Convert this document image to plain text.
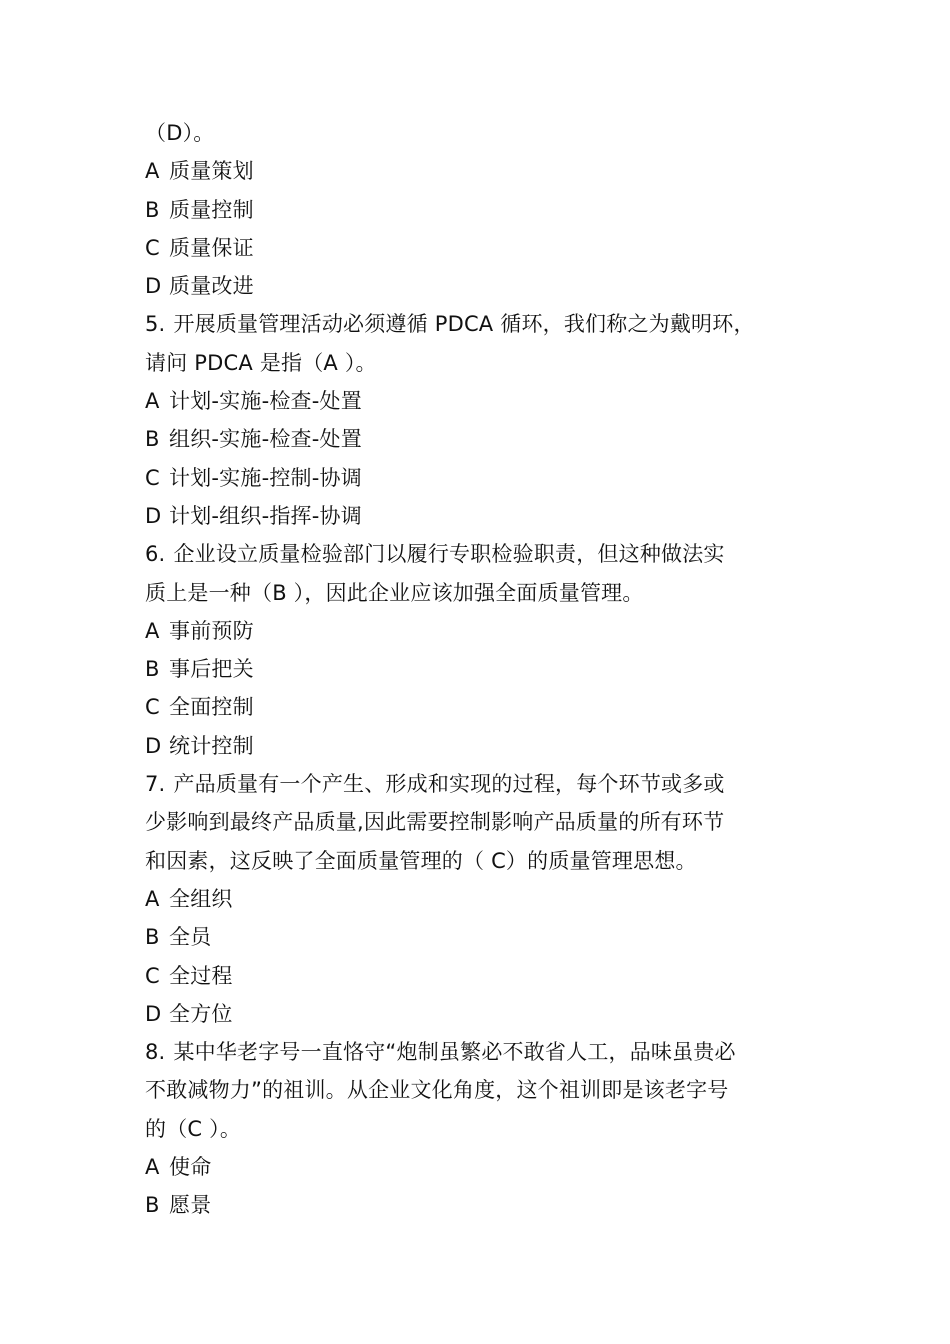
（D）。
A 质量策划
B 质量控制
C 质量保证
D 质量改进
5. 开展质量管理活动必须遵循 PDCA 循环，我们称之为戴明环，
请问 PDCA 是指（A ）。
A 计划-实施-检查-处置
B 组织-实施-检查-处置
C 计划-实施-控制-协调
D 计划-组织-指挥-协调
6. 企业设立质量检验部门以履行专职检验职责，但这种做法实
质上是一种（B ），因此企业应该加强全面质量管理。
A 事前预防
B 事后把关
C 全面控制
D 统计控制
7. 产品质量有一个产生、形成和实现的过程，每个环节或多或
少影响到最终产品质量,因此需要控制影响产品质量的所有环节
和因素，这反映了全面质量管理的（ C）的质量管理思想。
A 全组织
B 全员
C 全过程
D 全方位
8. 某中华老字号一直恪守“炮制虽繁必不敢省人工，品味虽贵必
不敢减物力”的祖训。从企业文化角度，这个祖训即是该老字号
的（C ）。
A 使命
B 愿景
